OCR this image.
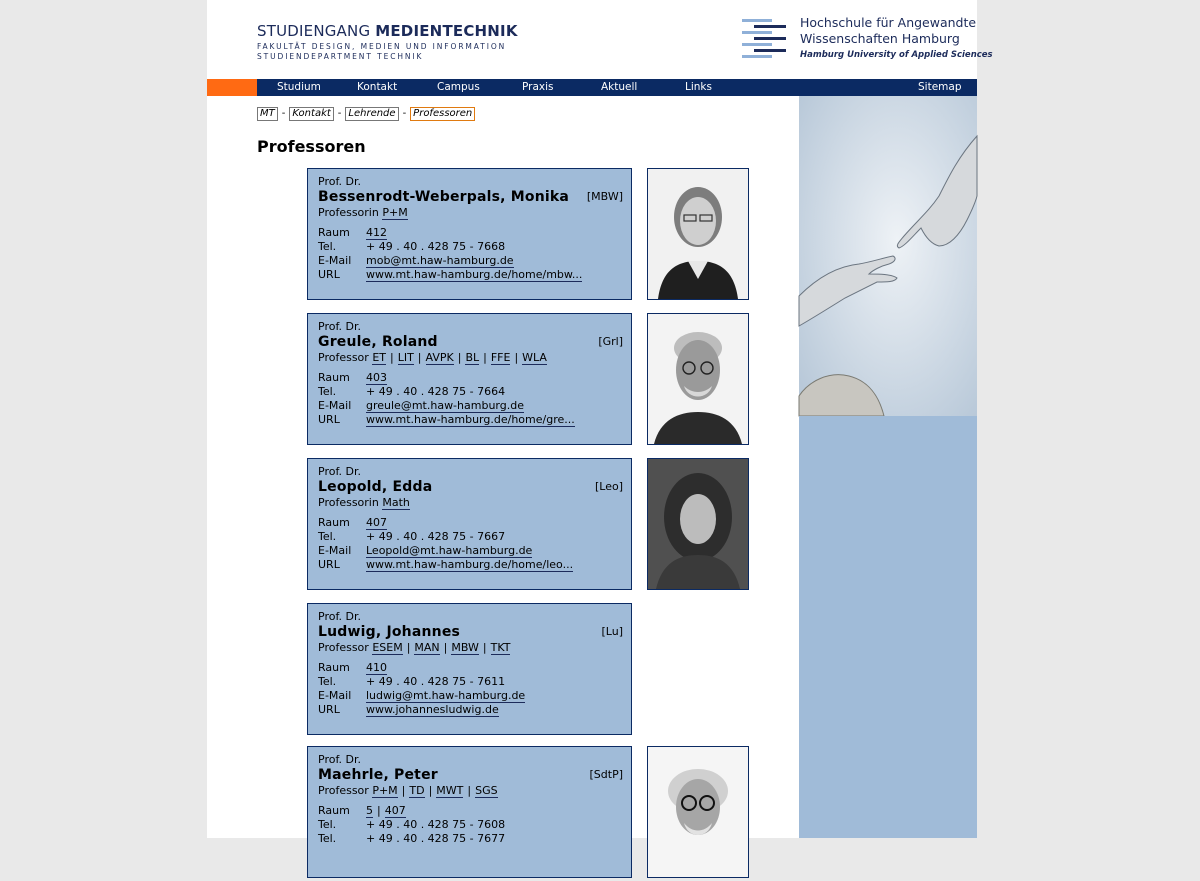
STUDIENGANG MEDIENTECHNIK
FAKULTÄT DESIGN, MEDIEN UND INFORMATION
STUDIENDEPARTMENT TECHNIK
Hochschule für Angewandte
Wissenschaften Hamburg
Hamburg University of Applied Sciences
Studium	Kontakt	Campus	Praxis	Aktuell	Links	Sitemap
MT - Kontakt - Lehrende - Professoren
Professoren
Prof. Dr.
Bessenrodt-Weberpals, Monika [MBW]
Professorin P+M
Raum 412
Tel.	+ 49 . 40 . 428 75 - 7668
E-Mail mob@mt.haw-hamburg.de
URL www.mt.haw-hamburg.de/home/mbw...
Prof. Dr.
Greule, Roland	[Grl]
Professor ET | LIT | AVPK | BL | FFE | WLA
Raum 403
Tel.	+ 49 . 40 . 428 75 - 7664
E-Mail greule@mt.haw-hamburg.de
URL www.mt.haw-hamburg.de/home/gre...
Prof. Dr.
Leopold, Edda	[Leo]
Professorin Math
Raum 407
Tel.	+ 49 . 40 . 428 75 - 7667
E-Mail Leopold@mt.haw-hamburg.de
URL www.mt.haw-hamburg.de/home/leo...
Prof. Dr.
Ludwig, Johannes	[Lu]
Professor ESEM | MAN | MBW | TKT
Raum 410
Tel.	+ 49 . 40 . 428 75 - 7611
E-Mail ludwig@mt.haw-hamburg.de
URL www.johannesludwig.de
Prof. Dr.
Maehrle, Peter	[SdtP]
Professor P+M | TD | MWT | SGS
Raum 5 | 407
Tel.	+ 49 . 40 . 428 75 - 7608
Tel.	+ 49 . 40 . 428 75 - 7677
